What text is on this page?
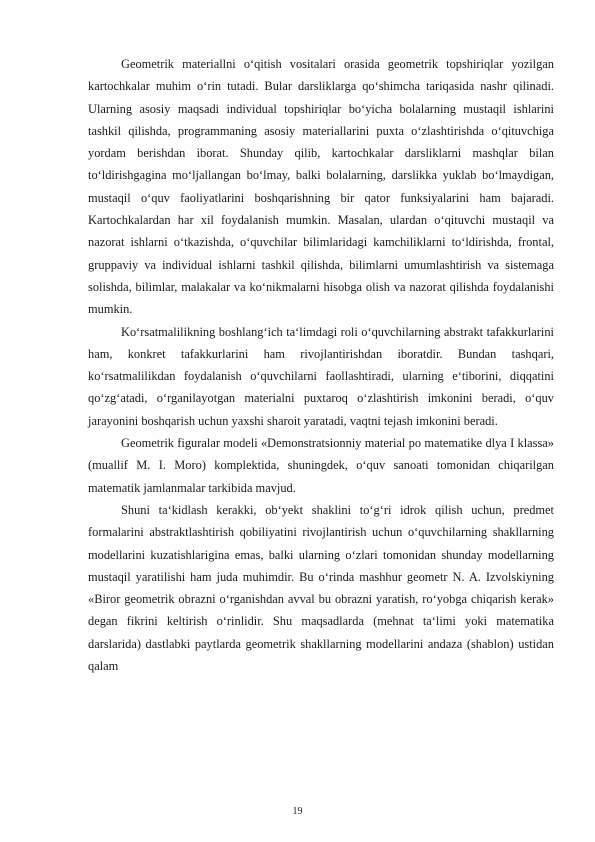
Geometrik materiallni oʻqitish vositalari orasida geometrik topshiriqlar yozilgan kartochkalar muhim oʻrin tutadi. Bular darsliklarga qoʻshimcha tariqasida nashr qilinadi. Ularning asosiy maqsadi individual topshiriqlar boʻyicha bolalarning mustaqil ishlarini tashkil qilishda, programmaning asosiy materiallarini puxta oʻzlashtirishda oʻqituvchiga yordam berishdan iborat. Shunday qilib, kartochkalar darsliklarni mashqlar bilan toʻldirishgagina moʻljallangan boʻlmay, balki bolalarning, darslikka yuklab boʻlmaydigan, mustaqil oʻquv faoliyatlarini boshqarishning bir qator funksiyalarini ham bajaradi. Kartochkalardan har xil foydalanish mumkin. Masalan, ulardan oʻqituvchi mustaqil va nazorat ishlarni oʻtkazishda, oʻquvchilar bilimlaridagi kamchiliklarni toʻldirishda, frontal, gruppaviy va individual ishlarni tashkil qilishda, bilimlarni umumlashtirish va sistemaga solishda, bilimlar, malakalar va koʻnikmalarni hisobga olish va nazorat qilishda foydalanishi mumkin.

Koʻrsatmalilikning boshlangʻich taʻlimdagi roli oʻquvchilarning abstrakt tafakkurlarini ham, konkret tafakkurlarini ham rivojlantirishdan iboratdir. Bundan tashqari, koʻrsatmalilikdan foydalanish oʻquvchilarni faollashtiradi, ularning eʻtiborini, diqqatini qoʻzgʻatadi, oʻrganilayotgan materialni puxtaroq oʻzlashtirish imkonini beradi, oʻquv jarayonini boshqarish uchun yaxshi sharoit yaratadi, vaqtni tejash imkonini beradi.

Geometrik figuralar modeli «Demonstratsionniy material po matematike dlya I klassa» (muallif M. I. Moro) komplektida, shuningdek, oʻquv sanoati tomonidan chiqarilgan matematik jamlanmalar tarkibida mavjud.

Shuni taʻkidlash kerakki, obʻyekt shaklini toʻgʻri idrok qilish uchun, predmet formalarini abstraktlashtirish qobiliyatini rivojlantirish uchun oʻquvchilarning shakllarning modellarini kuzatishlarigina emas, balki ularning oʻzlari tomonidan shunday modellarning mustaqil yaratilishi ham juda muhimdir. Bu oʻrinda mashhur geometr N. A. Izvolskiyning «Biror geometrik obrazni oʻrganishdan avval bu obrazni yaratish, roʻyobga chiqarish kerak» degan fikrini keltirish oʻrinlidir. Shu maqsadlarda (mehnat taʻlimi yoki matematika darslarida) dastlabki paytlarda geometrik shakllarning modellarini andaza (shablon) ustidan qalam

19
